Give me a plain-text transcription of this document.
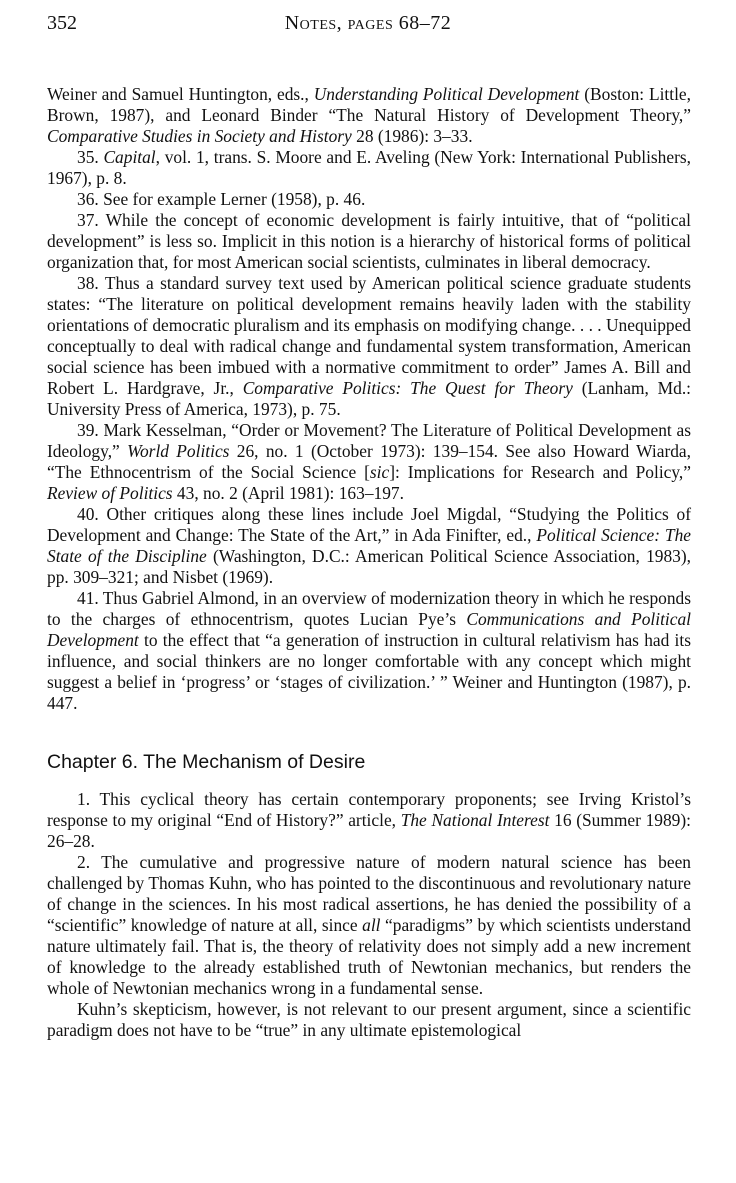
352	Notes, pages 68–72

Weiner and Samuel Huntington, eds., Understanding Political Development (Boston: Little, Brown, 1987), and Leonard Binder “The Natural History of Development Theory,” Comparative Studies in Society and History 28 (1986): 3–33.

35. Capital, vol. 1, trans. S. Moore and E. Aveling (New York: International Publishers, 1967), p. 8.

36. See for example Lerner (1958), p. 46.

37. While the concept of economic development is fairly intuitive, that of “political development” is less so. Implicit in this notion is a hierarchy of historical forms of political organization that, for most American social scientists, culminates in liberal democracy.

38. Thus a standard survey text used by American political science graduate students states: “The literature on political development remains heavily laden with the stability orientations of democratic pluralism and its emphasis on modifying change. . . . Unequipped conceptually to deal with radical change and fundamental system transformation, American social science has been imbued with a normative commitment to order” James A. Bill and Robert L. Hardgrave, Jr., Comparative Politics: The Quest for Theory (Lanham, Md.: University Press of America, 1973), p. 75.

39. Mark Kesselman, “Order or Movement? The Literature of Political Development as Ideology,” World Politics 26, no. 1 (October 1973): 139–154. See also Howard Wiarda, “The Ethnocentrism of the Social Science [sic]: Implications for Research and Policy,” Review of Politics 43, no. 2 (April 1981): 163–197.

40. Other critiques along these lines include Joel Migdal, “Studying the Politics of Development and Change: The State of the Art,” in Ada Finifter, ed., Political Science: The State of the Discipline (Washington, D.C.: American Political Science Association, 1983), pp. 309–321; and Nisbet (1969).

41. Thus Gabriel Almond, in an overview of modernization theory in which he responds to the charges of ethnocentrism, quotes Lucian Pye’s Communications and Political Development to the effect that “a generation of instruction in cultural relativism has had its influence, and social thinkers are no longer comfortable with any concept which might suggest a belief in ‘progress’ or ‘stages of civilization.’ ” Weiner and Huntington (1987), p. 447.

Chapter 6. The Mechanism of Desire

1. This cyclical theory has certain contemporary proponents; see Irving Kristol’s response to my original “End of History?” article, The National Interest 16 (Summer 1989): 26–28.

2. The cumulative and progressive nature of modern natural science has been challenged by Thomas Kuhn, who has pointed to the discontinuous and revolutionary nature of change in the sciences. In his most radical assertions, he has denied the possibility of a “scientific” knowledge of nature at all, since all “paradigms” by which scientists understand nature ultimately fail. That is, the theory of relativity does not simply add a new increment of knowledge to the already established truth of Newtonian mechanics, but renders the whole of Newtonian mechanics wrong in a fundamental sense.

Kuhn’s skepticism, however, is not relevant to our present argument, since a scientific paradigm does not have to be “true” in any ultimate epistemological
